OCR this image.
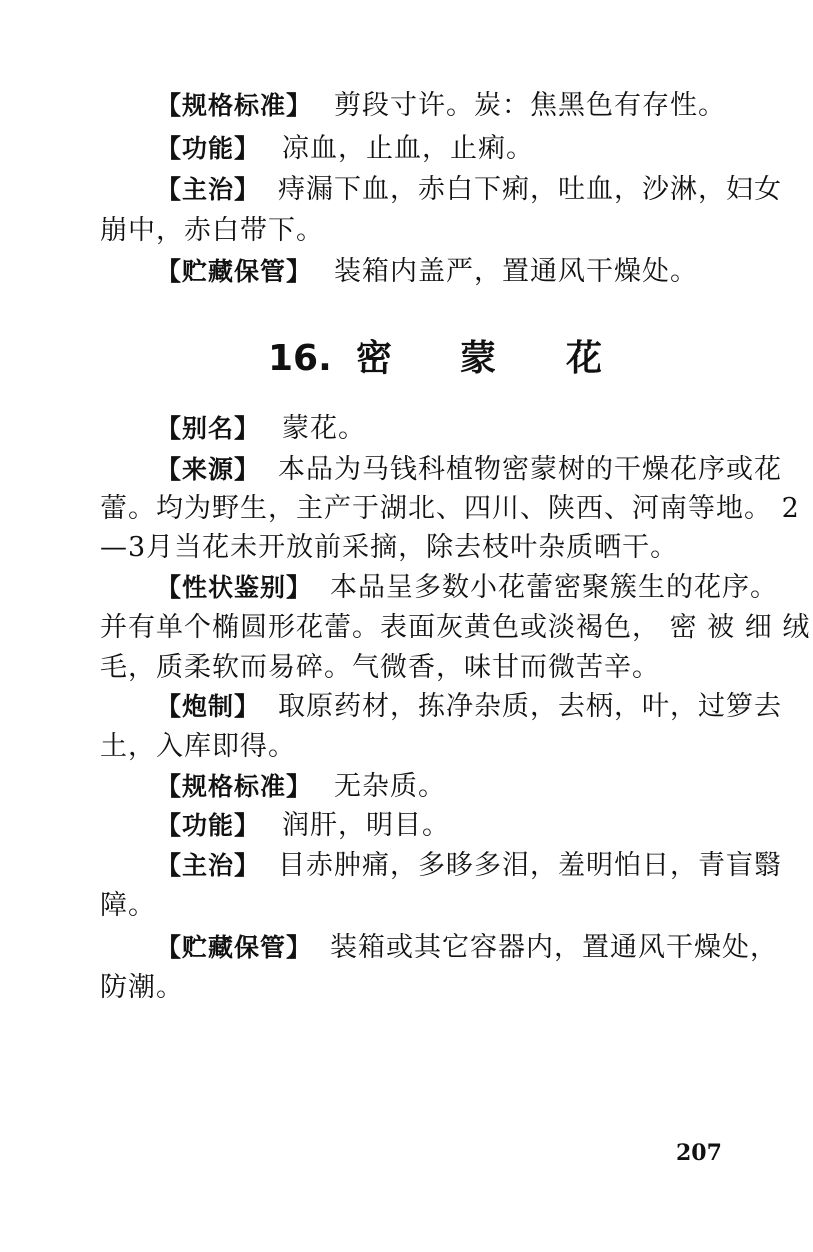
【规格标准】 剪段寸许。炭：焦黑色有存性。
【功能】 凉血，止血，止痢。
【主治】 痔漏下血，赤白下痢，吐血，沙淋，妇女
崩中，赤白带下。
【贮藏保管】 装箱内盖严，置通风干燥处。
16. 密 蒙 花
【别名】 蒙花。
【来源】 本品为马钱科植物密蒙树的干燥花序或花
蕾。均为野生，主产于湖北、四川、陕西、河南等地。 2
—3月当花未开放前采摘，除去枝叶杂质晒干。
【性状鉴别】 本品呈多数小花蕾密聚簇生的花序。
并有单个椭圆形花蕾。表面灰黄色或淡褐色， 密 被 细 绒
毛，质柔软而易碎。气微香，味甘而微苦辛。
【炮制】 取原药材，拣净杂质，去柄，叶，过箩去
土，入库即得。
【规格标准】 无杂质。
【功能】 润肝，明目。
【主治】 目赤肿痛，多眵多泪，羞明怕日，青盲翳
障。
【贮藏保管】 装箱或其它容器内，置通风干燥处，
防潮。
207
